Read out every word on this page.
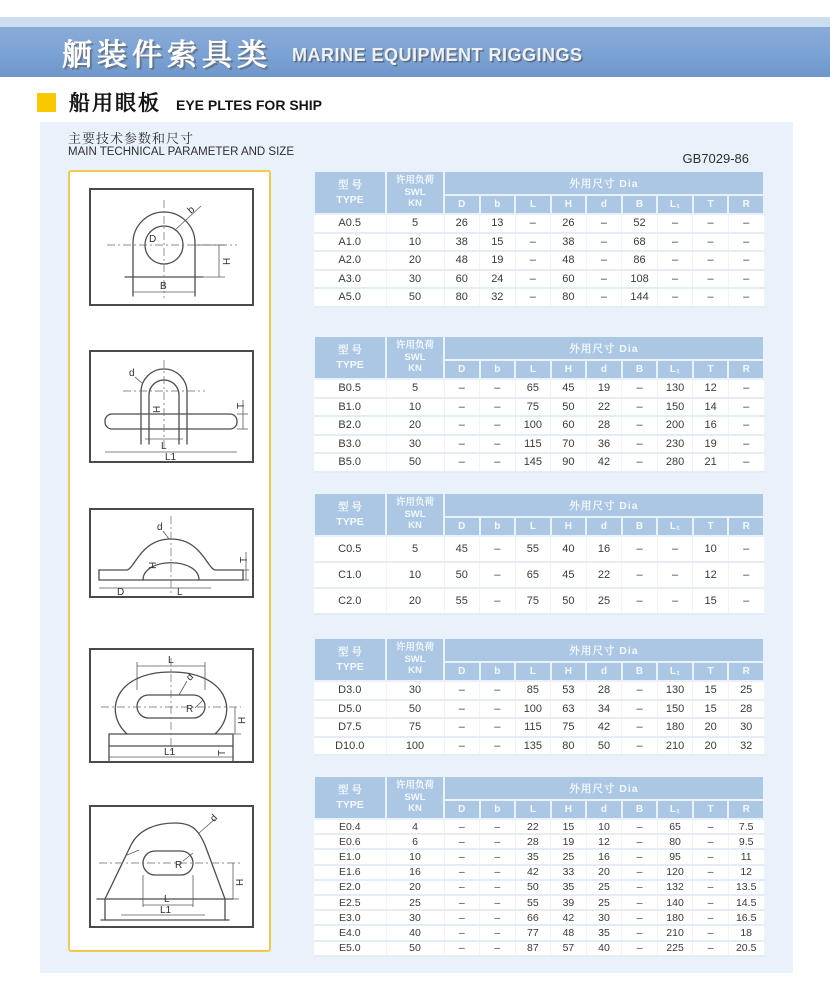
舾装件索具类 MARINE EQUIPMENT RIGGINGS
船用眼板 EYE PLTES FOR SHIP
主要技术参数和尺寸
MAIN TECHNICAL PARAMETER AND SIZE	GB7029-86
D
b
H
B
d
H
L
L1
T
d
H
D	L
T
L
d
R
H
T
L1
d
R
H
L
L1
型 号
TYPE	许用负荷
SWL
KN	外用尺寸 Dia								
		D	b	L	H	d	B	L₁	T	R
A0.5	5	26	13	–	26	–	52	–	–	–
A1.0	10	38	15	–	38	–	68	–	–	–
A2.0	20	48	19	–	48	–	86	–	–	–
A3.0	30	60	24	–	60	–	108	–	–	–
A5.0	50	80	32	–	80	–	144	–	–	–
型 号
TYPE	许用负荷
SWL
KN	外用尺寸 Dia								
		D	b	L	H	d	B	L₁	T	R
B0.5	5	–	–	65	45	19	–	130	12	–
B1.0	10	–	–	75	50	22	–	150	14	–
B2.0	20	–	–	100	60	28	–	200	16	–
B3.0	30	–	–	115	70	36	–	230	19	–
B5.0	50	–	–	145	90	42	–	280	21	–
型 号
TYPE	许用负荷
SWL
KN	外用尺寸 Dia								
		D	b	L	H	d	B	L₁	T	R
C0.5	5	45	–	55	40	16	–	–	10	–
C1.0	10	50	–	65	45	22	–	–	12	–
C2.0	20	55	–	75	50	25	–	–	15	–
型 号
TYPE	许用负荷
SWL
KN	外用尺寸 Dia								
		D	b	L	H	d	B	L₁	T	R
D3.0	30	–	–	85	53	28	–	130	15	25
D5.0	50	–	–	100	63	34	–	150	15	28
D7.5	75	–	–	115	75	42	–	180	20	30
D10.0	100	–	–	135	80	50	–	210	20	32
型 号
TYPE	许用负荷
SWL
KN	外用尺寸 Dia								
		D	b	L	H	d	B	L₁	T	R
E0.4	4	–	–	22	15	10	–	65	–	7.5
E0.6	6	–	–	28	19	12	–	80	–	9.5
E1.0	10	–	–	35	25	16	–	95	–	11
E1.6	16	–	–	42	33	20	–	120	–	12
E2.0	20	–	–	50	35	25	–	132	–	13.5
E2.5	25	–	–	55	39	25	–	140	–	14.5
E3.0	30	–	–	66	42	30	–	180	–	16.5
E4.0	40	–	–	77	48	35	–	210	–	18
E5.0	50	–	–	87	57	40	–	225	–	20.5
